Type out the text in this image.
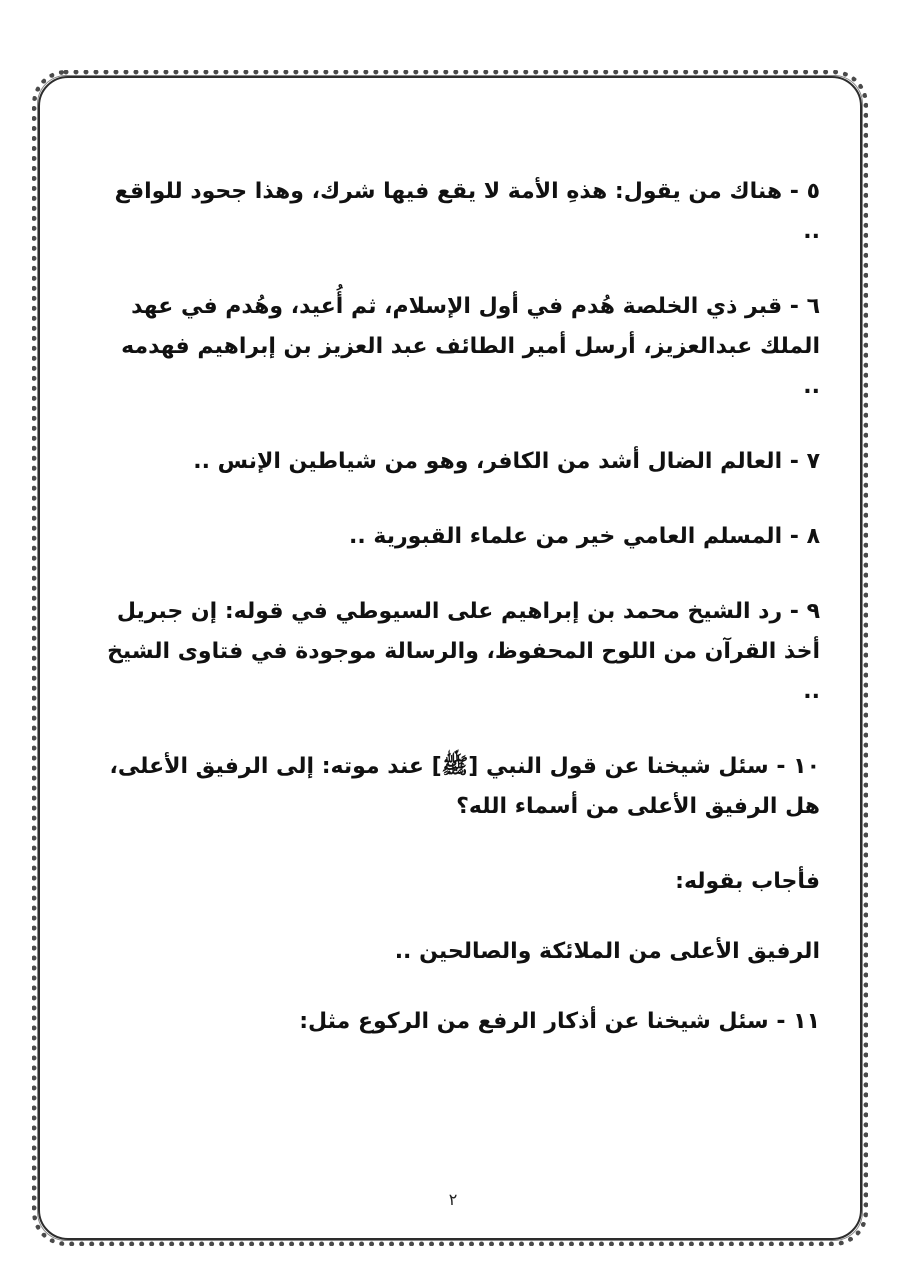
٥ - هناك من يقول: هذهِ الأمة لا يقع فيها شرك، وهذا جحود للواقع ..

٦ - قبر ذي الخلصة هُدم في أول الإسلام، ثم أُعيد، وهُدم في عهد الملك عبدالعزيز، أرسل أمير الطائف عبد العزيز بن إبراهيم فهدمه ..

٧ - العالم الضال أشد من الكافر، وهو من شياطين الإنس ..

٨ - المسلم العامي خير من علماء القبورية ..

٩ - رد الشيخ محمد بن إبراهيم على السيوطي في قوله: إن جبريل أخذ القرآن من اللوح المحفوظ، والرسالة موجودة في فتاوى الشيخ ..

١٠ - سئل شيخنا عن قول النبي [ﷺ] عند موته: إلى الرفيق الأعلى، هل الرفيق الأعلى من أسماء الله؟

فأجاب بقوله:

الرفيق الأعلى من الملائكة والصالحين ..

١١ - سئل شيخنا عن أذكار الرفع من الركوع مثل:

٢
